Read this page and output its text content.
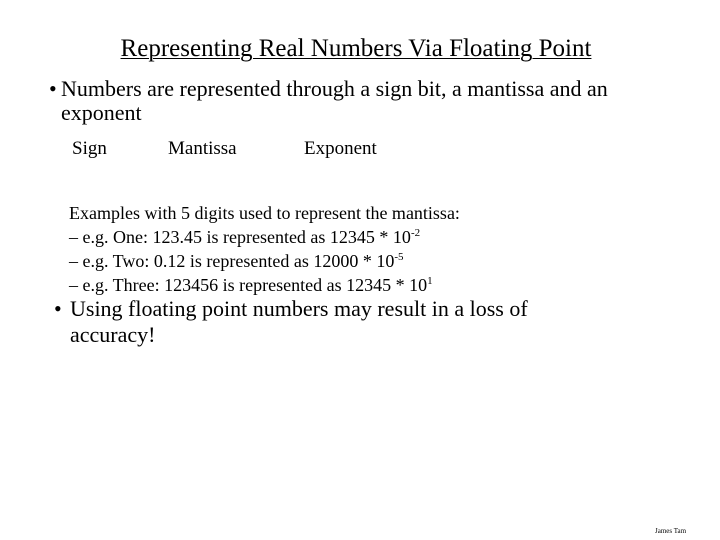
Representing Real Numbers Via Floating Point
• Numbers are represented through a sign bit, a mantissa and an
exponent
Sign	Mantissa	Exponent
Examples with 5 digits used to represent the mantissa:
– e.g. One: 123.45 is represented as $12345 * 10^{-2}$
– e.g. Two: 0.12 is represented as $12000 * 10^{-5}$
– e.g. Three: 123456 is represented as $12345 * 10^1$
• Using floating point numbers may result in a loss of
accuracy!
James Tam
